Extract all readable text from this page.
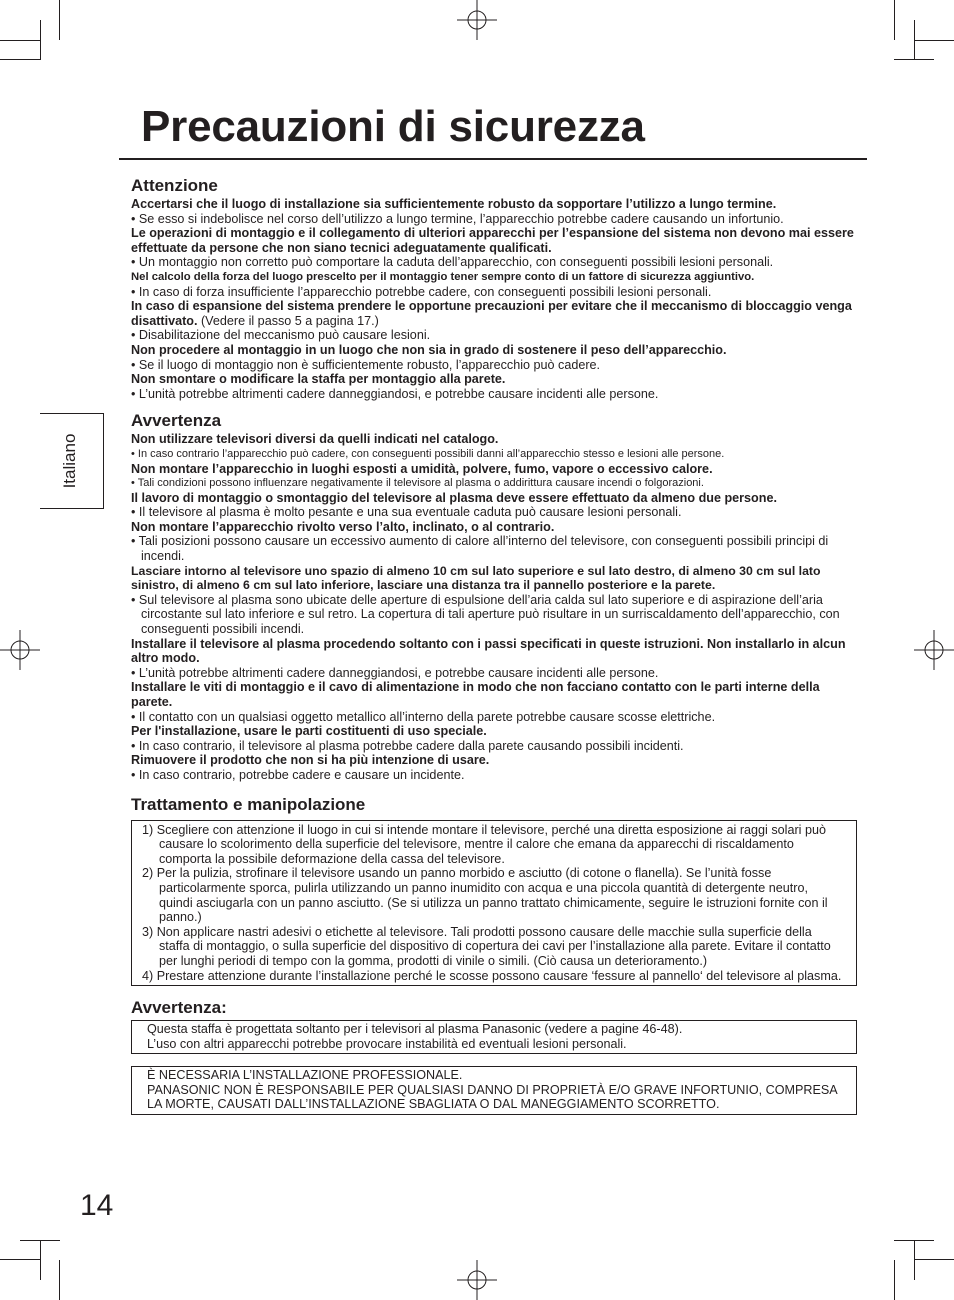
Precauzioni di sicurezza
Italiano
Attenzione

Accertarsi che il luogo di installazione sia sufficientemente robusto da sopportare l’utilizzo a lungo termine.

• Se esso si indebolisce nel corso dell’utilizzo a lungo termine, l’apparecchio potrebbe cadere causando un infortunio.

Le operazioni di montaggio e il collegamento di ulteriori apparecchi per l’espansione del sistema non devono mai essere effettuate da persone che non siano tecnici adeguatamente qualificati.

• Un montaggio non corretto può comportare la caduta dell’apparecchio, con conseguenti possibili lesioni personali.

Nel calcolo della forza del luogo prescelto per il montaggio tener sempre conto di un fattore di sicurezza aggiuntivo.

• In caso di forza insufficiente l’apparecchio potrebbe cadere, con conseguenti possibili lesioni personali.

In caso di espansione del sistema prendere le opportune precauzioni per evitare che il meccanismo di bloccaggio venga disattivato. (Vedere il passo 5 a pagina 17.)

• Disabilitazione del meccanismo può causare lesioni.

Non procedere al montaggio in un luogo che non sia in grado di sostenere il peso dell’apparecchio.

• Se il luogo di montaggio non è sufficientemente robusto, l’apparecchio può cadere.

Non smontare o modificare la staffa per montaggio alla parete.

• L’unità potrebbe altrimenti cadere danneggiandosi, e potrebbe causare incidenti alle persone.

Avvertenza

Non utilizzare televisori diversi da quelli indicati nel catalogo.

• In caso contrario l’apparecchio può cadere, con conseguenti possibili danni all’apparecchio stesso e lesioni alle persone.

Non montare l’apparecchio in luoghi esposti a umidità, polvere, fumo, vapore o eccessivo calore.

• Tali condizioni possono influenzare negativamente il televisore al plasma o addirittura causare incendi o folgorazioni.

Il lavoro di montaggio o smontaggio del televisore al plasma deve essere effettuato da almeno due persone.

• Il televisore al plasma è molto pesante e una sua eventuale caduta può causare lesioni personali.

Non montare l’apparecchio rivolto verso l’alto, inclinato, o al contrario.

• Tali posizioni possono causare un eccessivo aumento di calore all’interno del televisore, con conseguenti possibili principi di incendi.

Lasciare intorno al televisore uno spazio di almeno 10 cm sul lato superiore e sul lato destro, di almeno 30 cm sul lato sinistro, di almeno 6 cm sul lato inferiore, lasciare una distanza tra il pannello posteriore e la parete.

• Sul televisore al plasma sono ubicate delle aperture di espulsione dell’aria calda sul lato superiore e di aspirazione dell’aria circostante sul lato inferiore e sul retro. La copertura di tali aperture può risultare in un surriscaldamento dell’apparecchio, con conseguenti possibili incendi.

Installare il televisore al plasma procedendo soltanto con i passi specificati in queste istruzioni. Non installarlo in alcun altro modo.

• L’unità potrebbe altrimenti cadere danneggiandosi, e potrebbe causare incidenti alle persone.

Installare le viti di montaggio e il cavo di alimentazione in modo che non facciano contatto con le parti interne della parete.

• Il contatto con un qualsiasi oggetto metallico all’interno della parete potrebbe causare scosse elettriche.

Per l'installazione, usare le parti costituenti di uso speciale.

• In caso contrario, il televisore al plasma potrebbe cadere dalla parete causando possibili incidenti.

Rimuovere il prodotto che non si ha più intenzione di usare.

• In caso contrario, potrebbe cadere e causare un incidente.

Trattamento e manipolazione
1) Scegliere con attenzione il luogo in cui si intende montare il televisore, perché una diretta esposizione ai raggi solari può causare lo scolorimento della superficie del televisore, mentre il calore che emana da apparecchi di riscaldamento comporta la possibile deformazione della cassa del televisore.
2) Per la pulizia, strofinare il televisore usando un panno morbido e asciutto (di cotone o flanella). Se l’unità fosse particolarmente sporca, pulirla utilizzando un panno inumidito con acqua e una piccola quantità di detergente neutro, quindi asciugarla con un panno asciutto. (Se si utilizza un panno trattato chimicamente, seguire le istruzioni fornite con il panno.)
3) Non applicare nastri adesivi o etichette al televisore. Tali prodotti possono causare delle macchie sulla superficie della staffa di montaggio, o sulla superficie del dispositivo di copertura dei cavi per l’installazione alla parete. Evitare il contatto per lunghi periodi di tempo con la gomma, prodotti di vinile o simili. (Ciò causa un deterioramento.)
4) Prestare attenzione durante l’installazione perché le scosse possono causare ‘fessure al pannello‘ del televisore al plasma.
Avvertenza:

Questa staffa è progettata soltanto per i televisori al plasma Panasonic (vedere a pagine 46-48).

L’uso con altri apparecchi potrebbe provocare instabilità ed eventuali lesioni personali.

È NECESSARIA L’INSTALLAZIONE PROFESSIONALE.

PANASONIC NON È RESPONSABILE PER QUALSIASI DANNO DI PROPRIETÀ E/O GRAVE INFORTUNIO, COMPRESA LA MORTE, CAUSATI DALL’INSTALLAZIONE SBAGLIATA O DAL MANEGGIAMENTO SCORRETTO.

14
